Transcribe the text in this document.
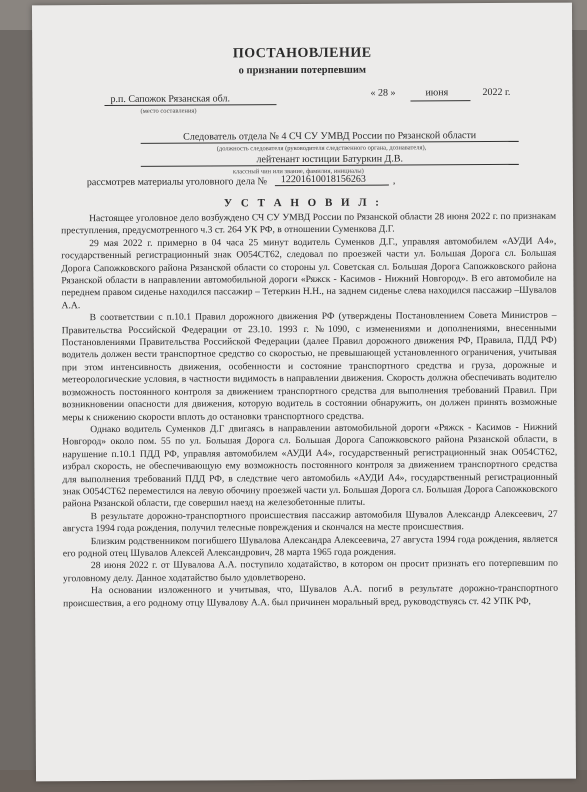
ПОСТАНОВЛЕНИЕ
о признании потерпевшим
р.п. Сапожок Рязанская обл.
(место составления)
« 28 »	июня	2022 г.
Следователь отдела № 4 СЧ СУ УМВД России по Рязанской области
(должность следователя (руководителя следственного органа, дознавателя),
лейтенант юстиции Батуркин Д.В.
классный чин или звание, фамилия, инициалы)
рассмотрев материалы уголовного дела №	12201610018156263	,
У С Т А Н О В И Л :

Настоящее уголовное дело возбуждено СЧ СУ УМВД России по Рязанской области 28 июня 2022 г. по признакам преступления, предусмотренного ч.3 ст. 264 УК РФ, в отношении Суменкова Д.Г.

29 мая 2022 г. примерно в 04 часа 25 минут водитель Суменков Д.Г., управляя автомобилем «АУДИ А4», государственный регистрационный знак О054СТ62, следовал по проезжей части ул. Большая Дорога сл. Большая Дорога Сапожковского района Рязанской области со стороны ул. Советская сл. Большая Дорога Сапожковского района Рязанской области в направлении автомобильной дороги «Ряжск - Касимов - Нижний Новгород». В его автомобиле на переднем правом сиденье находился пассажир – Тетеркин Н.Н., на заднем сиденье слева находился пассажир –Шувалов А.А.

В соответствии с п.10.1 Правил дорожного движения РФ (утверждены Постановлением Совета Министров – Правительства Российской Федерации от 23.10. 1993 г. №1090, с изменениями и дополнениями, внесенными Постановлениями Правительства Российской Федерации (далее Правил дорожного движения РФ, Правила, ПДД РФ) водитель должен вести транспортное средство со скоростью, не превышающей установленного ограничения, учитывая при этом интенсивность движения, особенности и состояние транспортного средства и груза, дорожные и метеорологические условия, в частности видимость в направлении движения. Скорость должна обеспечивать водителю возможность постоянного контроля за движением транспортного средства для выполнения требований Правил. При возникновении опасности для движения, которую водитель в состоянии обнаружить, он должен принять возможные меры к снижению скорости вплоть до остановки транспортного средства.

Однако водитель Суменков Д.Г двигаясь в направлении автомобильной дороги «Ряжск - Касимов - Нижний Новгород» около пом. 55 по ул. Большая Дорога сл. Большая Дорога Сапожковского района Рязанской области, в нарушение п.10.1 ПДД РФ, управляя автомобилем «АУДИ А4», государственный регистрационный знак О054СТ62, избрал скорость, не обеспечивающую ему возможность постоянного контроля за движением транспортного средства для выполнения требований ПДД РФ, в следствие чего автомобиль «АУДИ А4», государственный регистрационный знак О054СТ62 переместился на левую обочину проезжей части ул. Большая Дорога сл. Большая Дорога Сапожковского района Рязанской области, где совершил наезд на железобетонные плиты.

В результате дорожно-транспортного происшествия пассажир автомобиля Шувалов Александр Алексеевич, 27 августа 1994 года рождения, получил телесные повреждения и скончался на месте происшествия.

Близким родственником погибшего Шувалова Александра Алексеевича, 27 августа 1994 года рождения, является его родной отец Шувалов Алексей Александрович, 28 марта 1965 года рождения.

28 июня 2022 г. от Шувалова А.А. поступило ходатайство, в котором он просит признать его потерпевшим по уголовному делу. Данное ходатайство было удовлетворено.

На основании изложенного и учитывая, что, Шувалов А.А. погиб в результате дорожно-транспортного происшествия, а его родному отцу Шувалову А.А. был причинен моральный вред, руководствуясь ст. 42 УПК РФ,
